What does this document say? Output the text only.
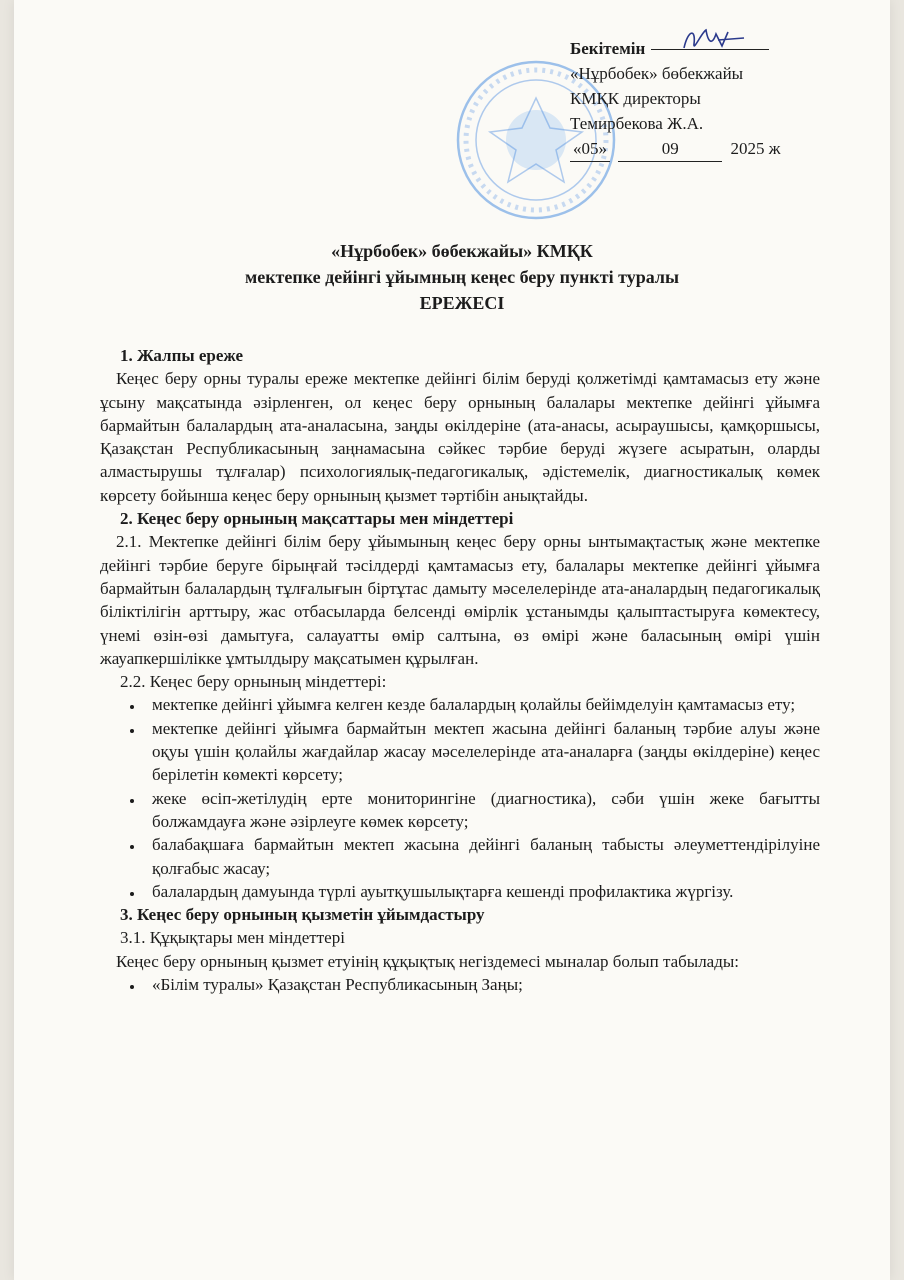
Бекітемін
«Нұрбобек» бөбекжайы
КМҚК директоры
Темирбекова Ж.А.
«05»	09	2025 ж
«Нұрбобек» бөбекжайы» КМҚК
мектепке дейінгі ұйымның кеңес беру пункті туралы
ЕРЕЖЕСІ

1. Жалпы ереже

Кеңес беру орны туралы ереже мектепке дейінгі білім беруді қолжетімді қамтамасыз ету және ұсыну мақсатында әзірленген, ол кеңес беру орнының балалары мектепке дейінгі ұйымға бармайтын балалардың ата-аналасына, заңды өкілдеріне (ата-анасы, асыраушысы, қамқоршысы, Қазақстан Республикасының заңнамасына сәйкес тәрбие беруді жүзеге асыратын, оларды алмастырушы тұлғалар) психологиялық-педагогикалық, әдістемелік, диагностикалық көмек көрсету бойынша кеңес беру орнының қызмет тәртібін анықтайды.

2. Кеңес беру орнының мақсаттары мен міндеттері

2.1. Мектепке дейінгі білім беру ұйымының кеңес беру орны ынтымақтастық және мектепке дейінгі тәрбие беруге бірыңғай тәсілдерді қамтамасыз ету, балалары мектепке дейінгі ұйымға бармайтын балалардың тұлғалығын біртұтас дамыту мәселелерінде ата-аналардың педагогикалық біліктілігін арттыру, жас отбасыларда белсенді өмірлік ұстанымды қалыптастыруға көмектесу, үнемі өзін-өзі дамытуға, салауатты өмір салтына, өз өмірі және баласының өмірі үшін жауапкершілікке ұмтылдыру мақсатымен құрылған.

2.2. Кеңес беру орнының міндеттері:

• мектепке дейінгі ұйымға келген кезде балалардың қолайлы бейімделуін қамтамасыз ету;
• мектепке дейінгі ұйымға бармайтын мектеп жасына дейінгі баланың тәрбие алуы және оқуы үшін қолайлы жағдайлар жасау мәселелерінде ата-аналарға (заңды өкілдеріне) кеңес берілетін көмекті көрсету;
• жеке өсіп-жетілудің ерте мониторингіне (диагностика), сәби үшін жеке бағытты болжамдауға және әзірлеуге көмек көрсету;
• балабақшаға бармайтын мектеп жасына дейінгі баланың табысты әлеуметтендірілуіне қолғабыс жасау;
• балалардың дамуында түрлі ауытқушылықтарға кешенді профилактика жүргізу.

3. Кеңес беру орнының қызметін ұйымдастыру

3.1. Құқықтары мен міндеттері

Кеңес беру орнының қызмет етуінің құқықтық негіздемесі мыналар болып табылады:

• «Білім туралы» Қазақстан Республикасының Заңы;
